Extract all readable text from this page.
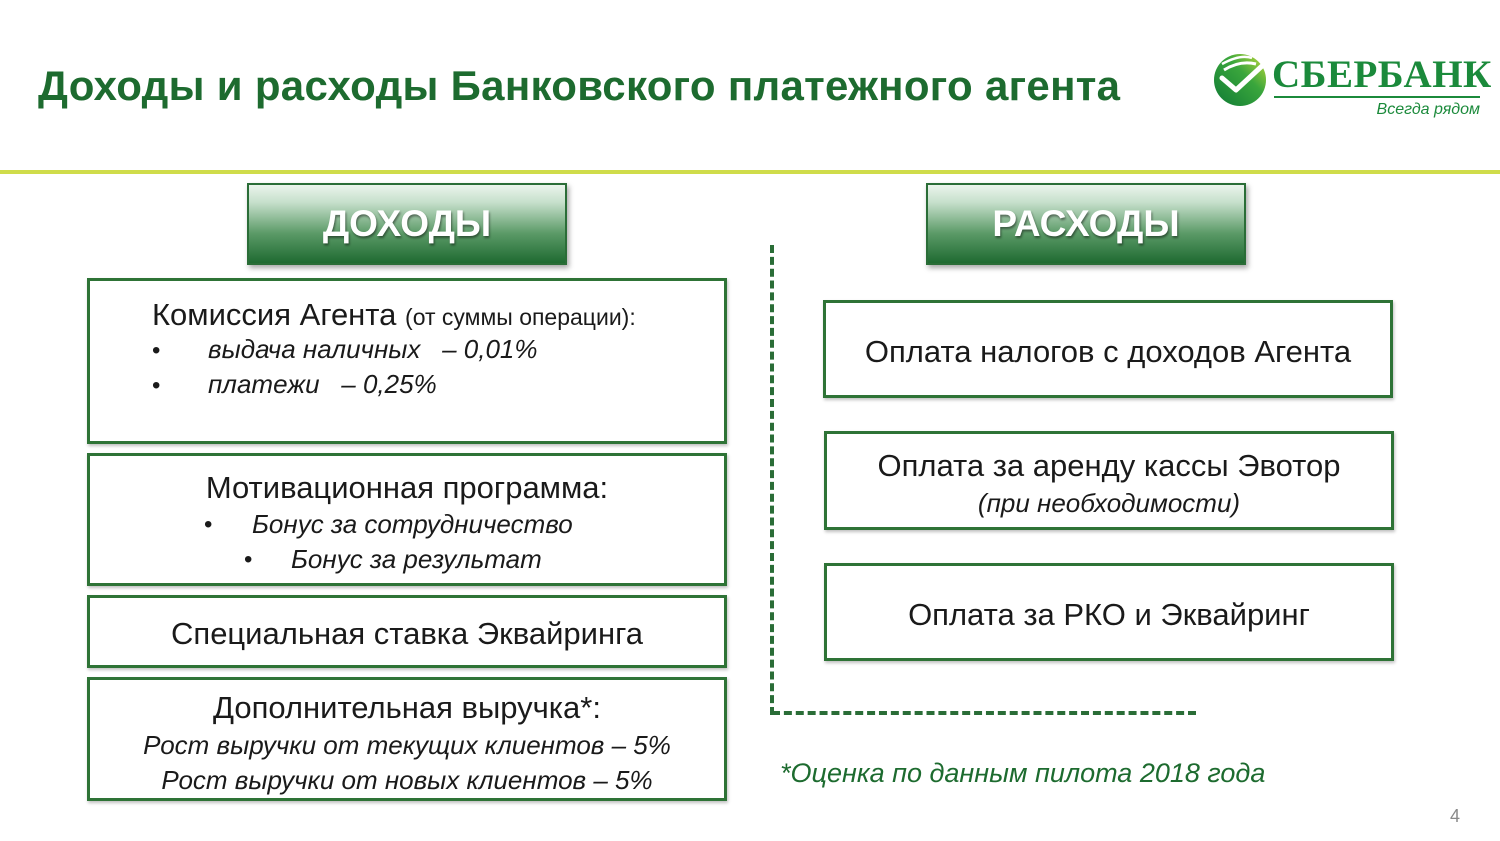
Доходы и расходы Банковского платежного агента	СБЕРБАНК
Всегда рядом
ДОХОДЫ
Комиссия Агента (от суммы операции):
• выдача наличных – 0,01%
• платежи – 0,25%
Мотивационная программа:
• Бонус за сотрудничество
• Бонус за результат
Специальная ставка Эквайринга
Дополнительная выручка*:
Рост выручки от текущих клиентов – 5%
Рост выручки от новых клиентов – 5%
РАСХОДЫ
Оплата налогов с доходов Агента
Оплата за аренду кассы Эвотор
(при необходимости)
Оплата за РКО и Эквайринг
*Оценка по данным пилота 2018 года
4
